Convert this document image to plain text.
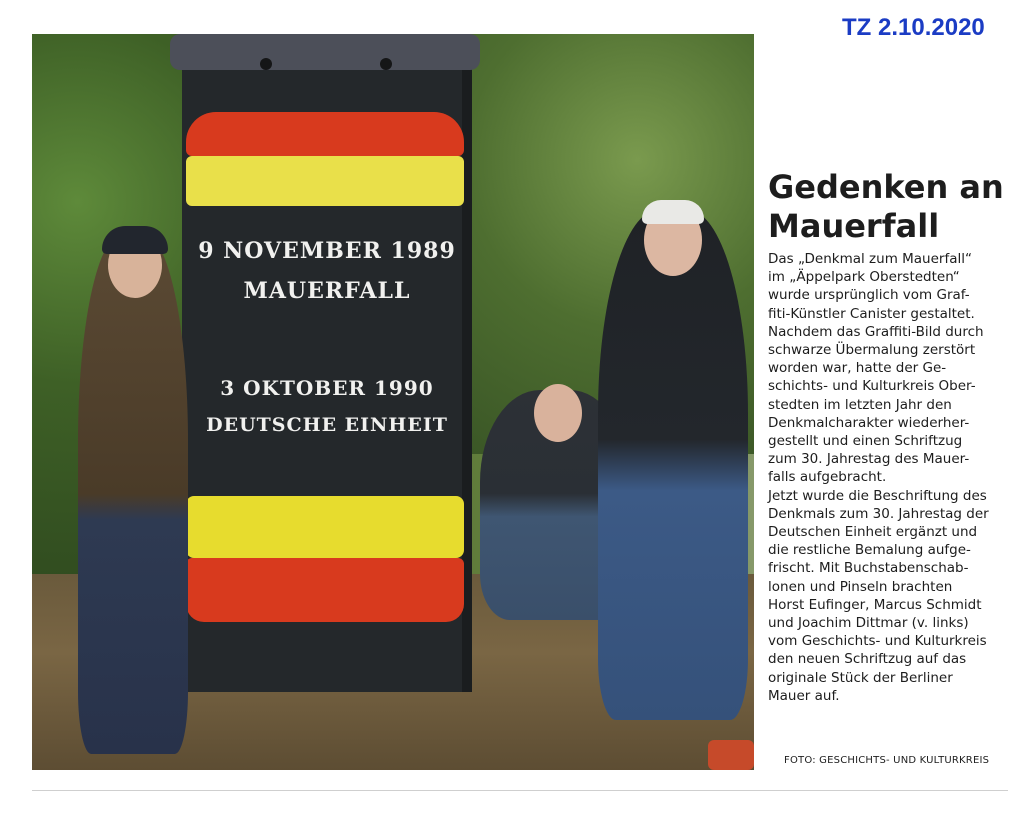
TZ 2.10.2020
9 NOVEMBER 1989
MAUERFALL
3 OKTOBER 1990
DEUTSCHE EINHEIT
Gedenken an
Mauerfall
Das „Denkmal zum Mauerfall“
im „Äppelpark Oberstedten“
wurde ursprünglich vom Graf-
fiti-Künstler Canister gestaltet.
Nachdem das Graffiti-Bild durch
schwarze Übermalung zerstört
worden war, hatte der Ge-
schichts- und Kulturkreis Ober-
stedten im letzten Jahr den
Denkmalcharakter wiederher-
gestellt und einen Schriftzug
zum 30. Jahrestag des Mauer-
falls aufgebracht.
Jetzt wurde die Beschriftung des
Denkmals zum 30. Jahrestag der
Deutschen Einheit ergänzt und
die restliche Bemalung aufge-
frischt. Mit Buchstabenschab-
lonen und Pinseln brachten
Horst Eufinger, Marcus Schmidt
und Joachim Dittmar (v. links)
vom Geschichts- und Kulturkreis
den neuen Schriftzug auf das
originale Stück der Berliner
Mauer auf.
FOTO: GESCHICHTS- UND KULTURKREIS
